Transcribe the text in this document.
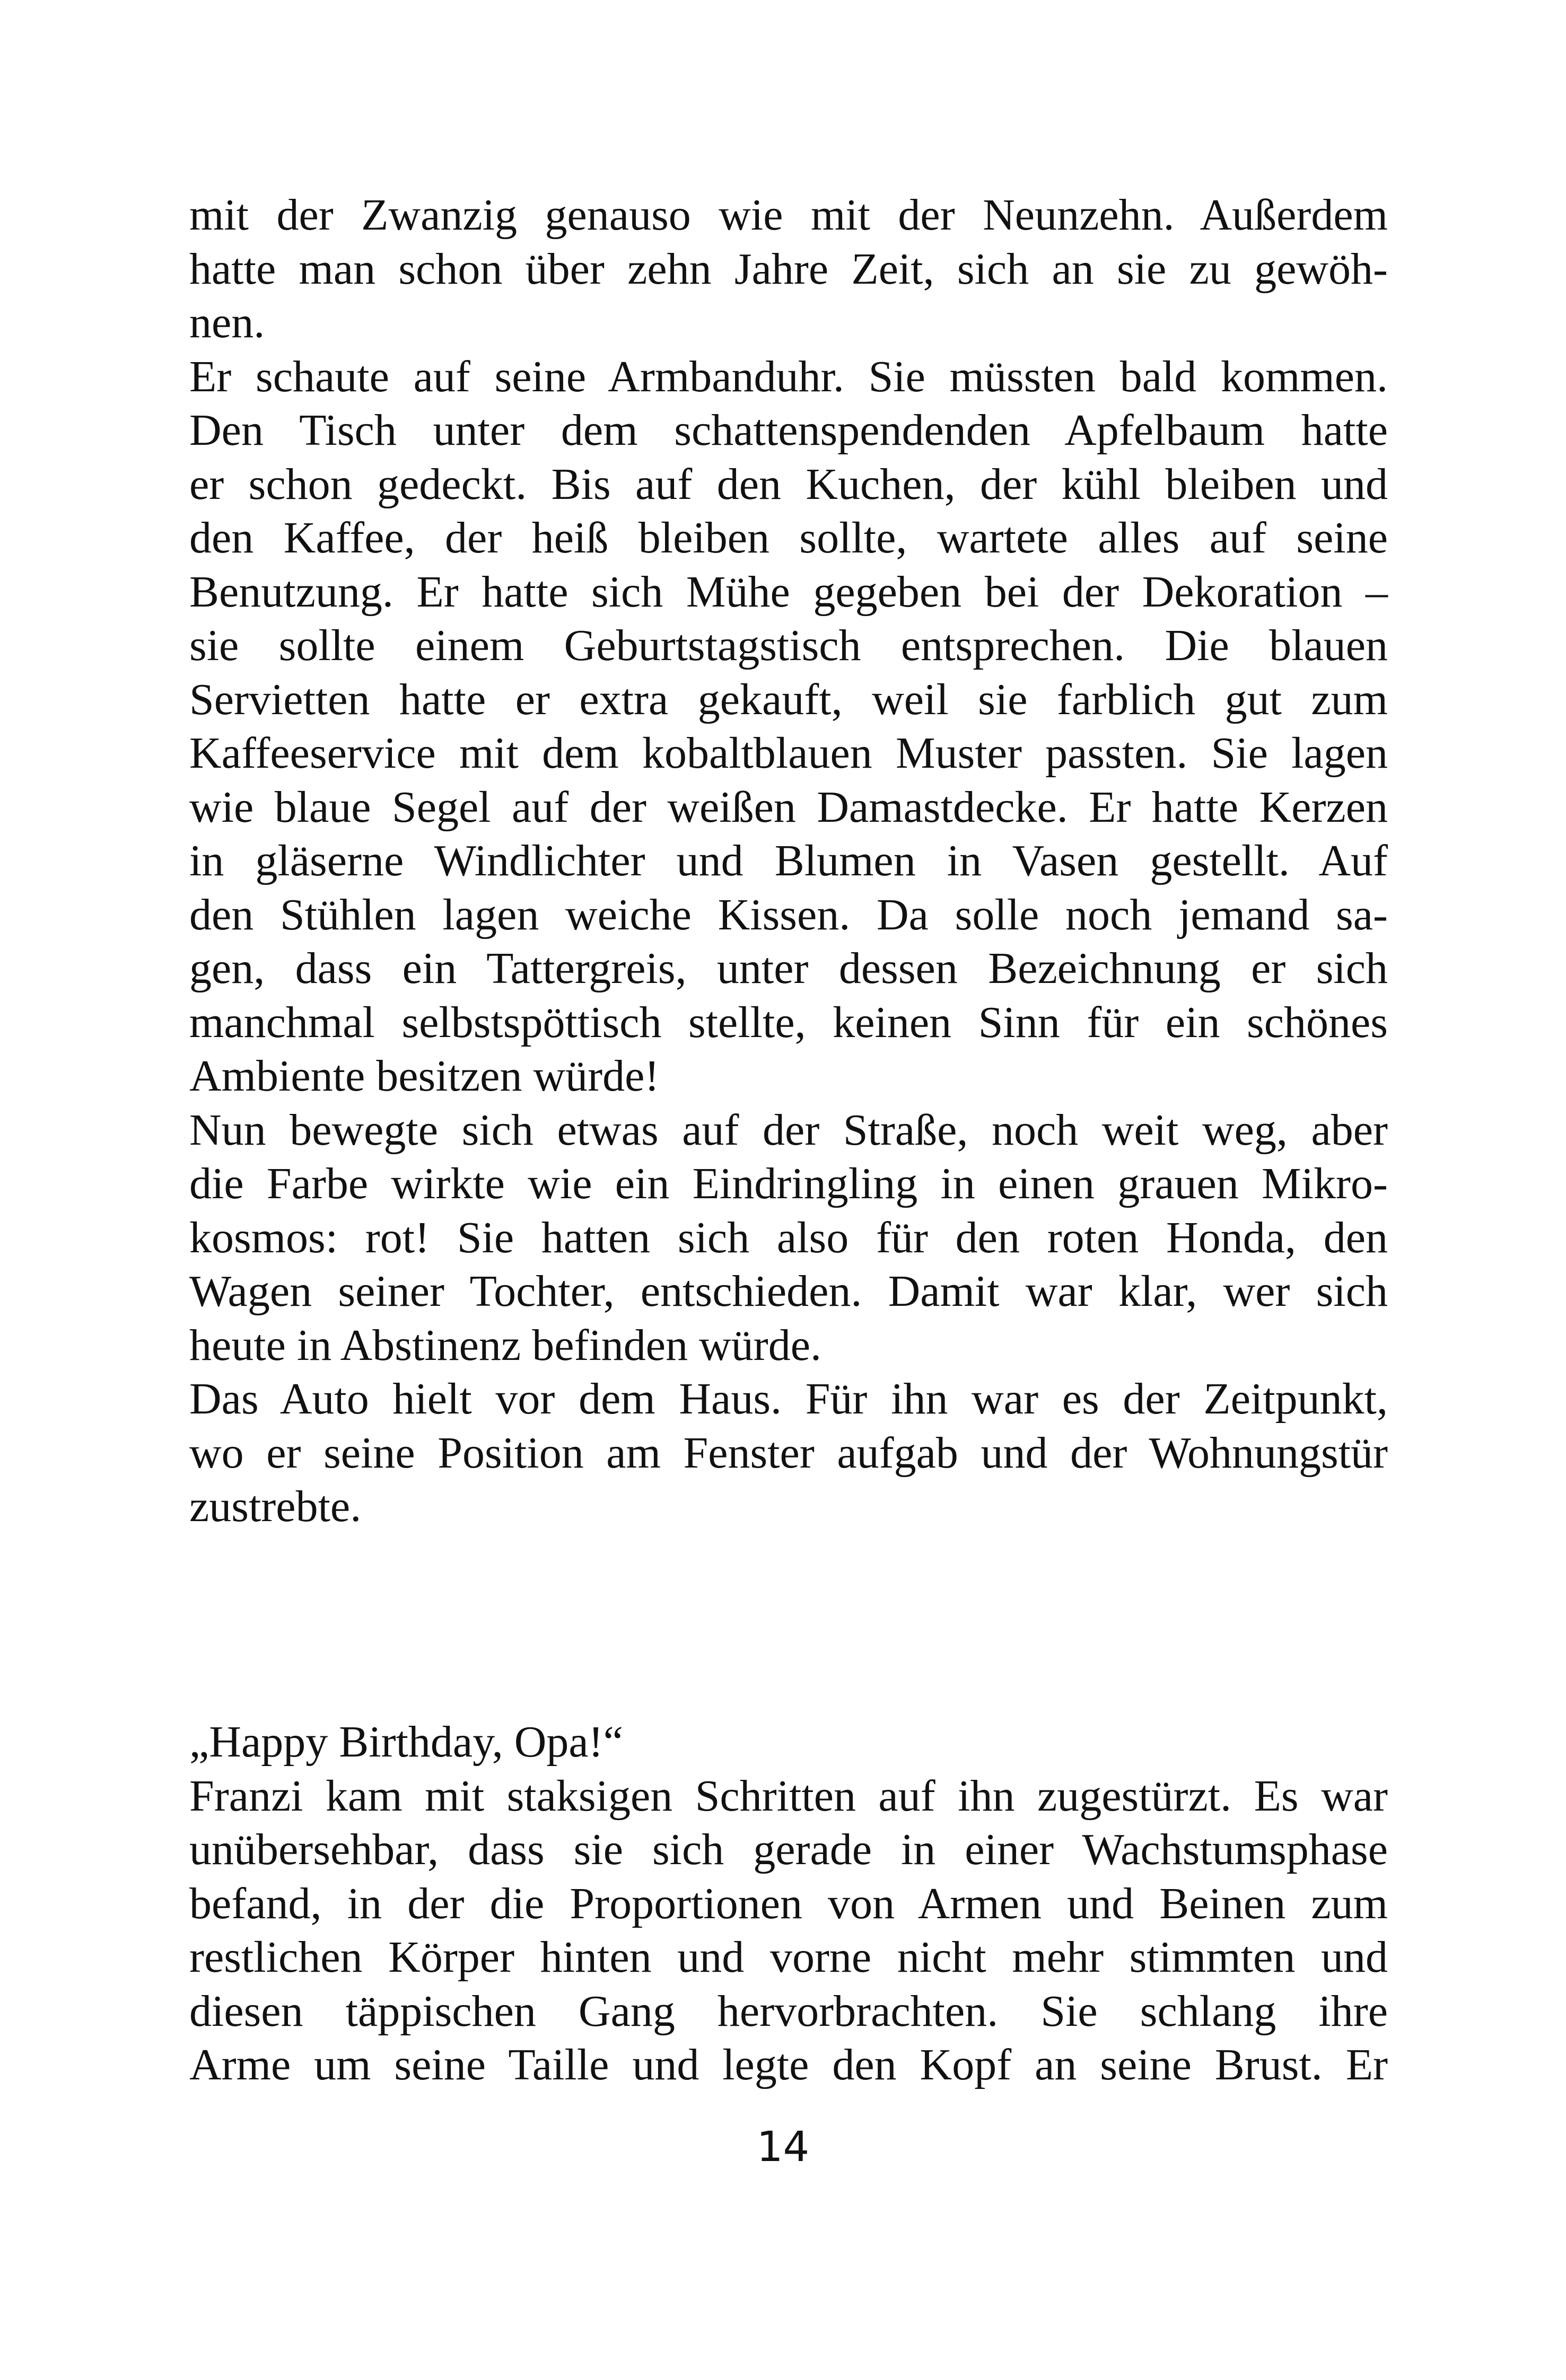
mit der Zwanzig genauso wie mit der Neunzehn. Außerdem
hatte man schon über zehn Jahre Zeit, sich an sie zu gewöh-
nen.
Er schaute auf seine Armbanduhr. Sie müssten bald kommen.
Den Tisch unter dem schattenspendenden Apfelbaum hatte
er schon gedeckt. Bis auf den Kuchen, der kühl bleiben und
den Kaffee, der heiß bleiben sollte, wartete alles auf seine
Benutzung. Er hatte sich Mühe gegeben bei der Dekoration –
sie sollte einem Geburtstagstisch entsprechen. Die blauen
Servietten hatte er extra gekauft, weil sie farblich gut zum
Kaffeeservice mit dem kobaltblauen Muster passten. Sie lagen
wie blaue Segel auf der weißen Damastdecke. Er hatte Kerzen
in gläserne Windlichter und Blumen in Vasen gestellt. Auf
den Stühlen lagen weiche Kissen. Da solle noch jemand sa-
gen, dass ein Tattergreis, unter dessen Bezeichnung er sich
manchmal selbstspöttisch stellte, keinen Sinn für ein schönes
Ambiente besitzen würde!
Nun bewegte sich etwas auf der Straße, noch weit weg, aber
die Farbe wirkte wie ein Eindringling in einen grauen Mikro-
kosmos: rot! Sie hatten sich also für den roten Honda, den
Wagen seiner Tochter, entschieden. Damit war klar, wer sich
heute in Abstinenz befinden würde.
Das Auto hielt vor dem Haus. Für ihn war es der Zeitpunkt,
wo er seine Position am Fenster aufgab und der Wohnungstür
zustrebte.
„Happy Birthday, Opa!“
Franzi kam mit staksigen Schritten auf ihn zugestürzt. Es war
unübersehbar, dass sie sich gerade in einer Wachstumsphase
befand, in der die Proportionen von Armen und Beinen zum
restlichen Körper hinten und vorne nicht mehr stimmten und
diesen täppischen Gang hervorbrachten. Sie schlang ihre
Arme um seine Taille und legte den Kopf an seine Brust. Er
14
